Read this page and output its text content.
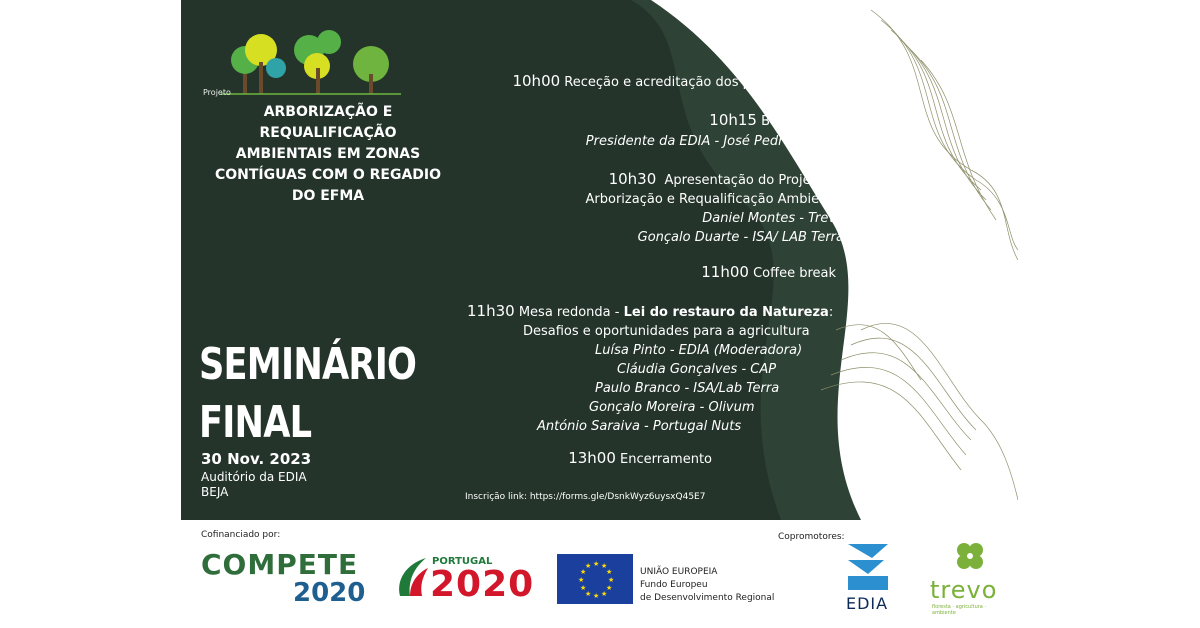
Projeto
ARBORIZAÇÃO E REQUALIFICAÇÃO
AMBIENTAIS EM ZONAS
CONTÍGUAS COM O REGADIO
DO EFMA
SEMINÁRIO
FINAL
30 Nov. 2023
Auditório da EDIA
BEJA
PROGRAMA
10h00 Receção e acreditação dos participantes
10h15 Boas-vindas:
Presidente da EDIA - José Pedro Salema
10h30 Apresentação do Projeto de
Arborização e Requalificação Ambiental
Daniel Montes - Trevo
Gonçalo Duarte - ISA/ LAB Terra
11h00 Coffee break
11h30 Mesa redonda - Lei do restauro da Natureza:
Desafios e oportunidades para a agricultura
Luísa Pinto - EDIA (Moderadora)
Cláudia Gonçalves - CAP
Paulo Branco - ISA/Lab Terra
Gonçalo Moreira - Olivum
António Saraiva - Portugal Nuts
13h00 Encerramento
Inscrição link: https://forms.gle/DsnkWyz6uysxQ45E7
Cofinanciado por:	Copromotores:
COMPETE
2020
PORTUGAL
2020	★ ★
★
★
★
★
★
★
★
★
★
★
UNIÃO EUROPEIA
Fundo Europeu
de Desenvolvimento Regional	EDIA trevo
floresta · agricultura · ambiente
